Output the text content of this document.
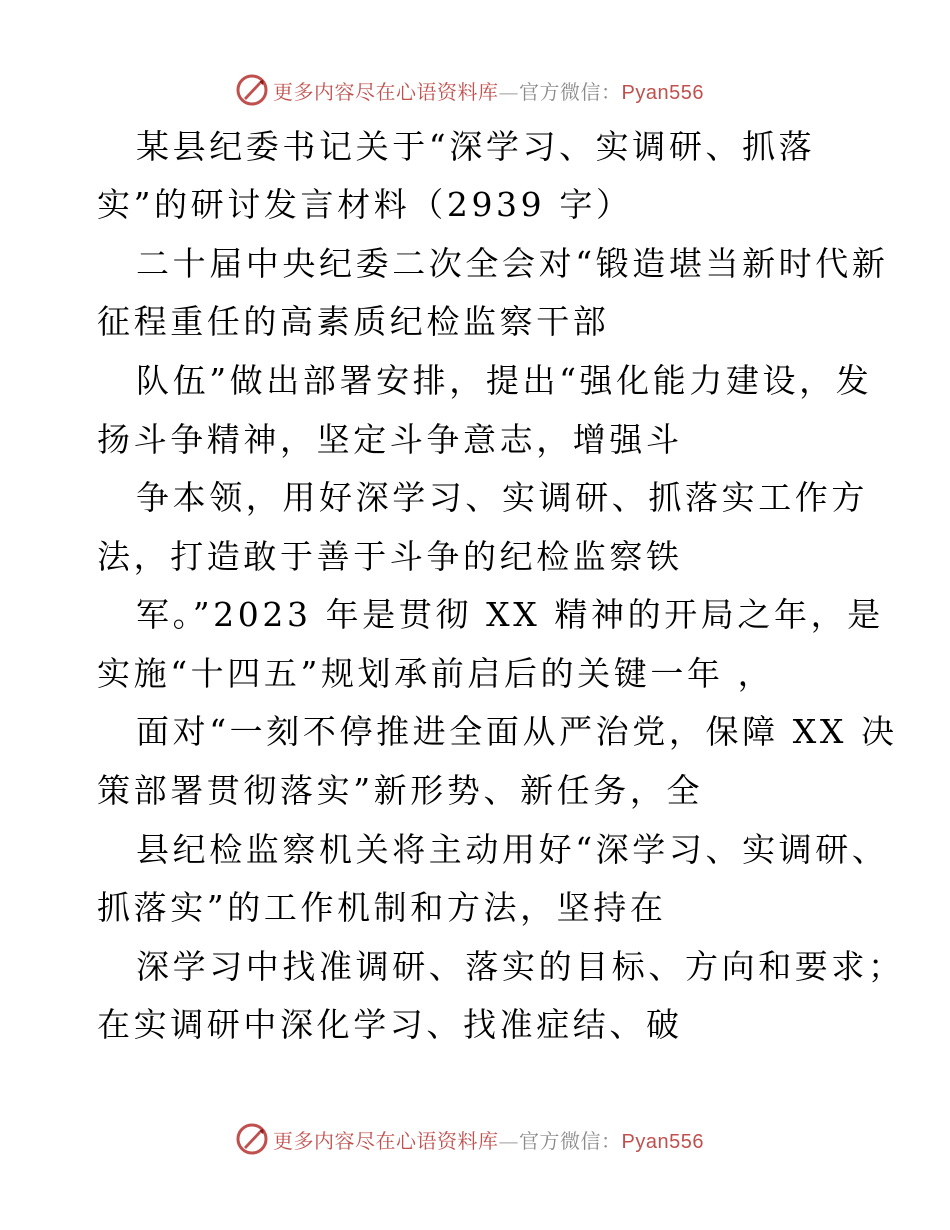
更多内容尽在心语资料库—官方微信：Pyan556
某县纪委书记关于“深学习、实调研、抓落
实”的研讨发言材料（2939 字）
二十届中央纪委二次全会对“锻造堪当新时代新
征程重任的高素质纪检监察干部
队伍”做出部署安排，提出“强化能力建设，发
扬斗争精神，坚定斗争意志，增强斗
争本领，用好深学习、实调研、抓落实工作方
法，打造敢于善于斗争的纪检监察铁
军。”2023 年是贯彻 XX 精神的开局之年，是
实施“十四五”规划承前启后的关键一年 ，
面对“一刻不停推进全面从严治党，保障 XX 决
策部署贯彻落实”新形势、新任务，全
县纪检监察机关将主动用好“深学习、实调研、
抓落实”的工作机制和方法，坚持在
深学习中找准调研、落实的目标、方向和要求；
在实调研中深化学习、找准症结、破
更多内容尽在心语资料库—官方微信：Pyan556
